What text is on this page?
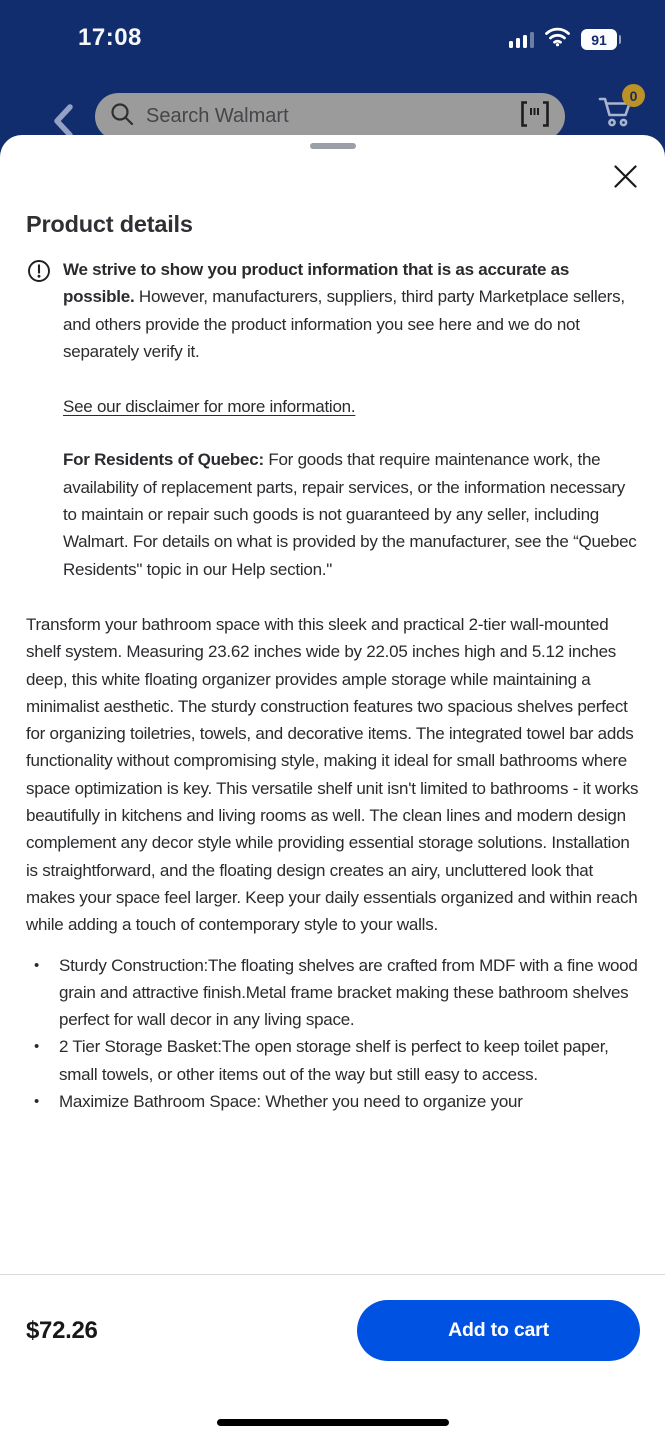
17:08	91
Search Walmart
0
Product details

We strive to show you product information that is as accurate as possible. However, manufacturers, suppliers, third party Marketplace sellers, and others provide the product information you see here and we do not separately verify it.

See our disclaimer for more information.

For Residents of Quebec: For goods that require maintenance work, the availability of replacement parts, repair services, or the information necessary to maintain or repair such goods is not guaranteed by any seller, including Walmart. For details on what is provided by the manufacturer, see the “Quebec Residents" topic in our Help section."

Transform your bathroom space with this sleek and practical 2-tier wall-mounted shelf system. Measuring 23.62 inches wide by 22.05 inches high and 5.12 inches deep, this white floating organizer provides ample storage while maintaining a minimalist aesthetic. The sturdy construction features two spacious shelves perfect for organizing toiletries, towels, and decorative items. The integrated towel bar adds functionality without compromising style, making it ideal for small bathrooms where space optimization is key. This versatile shelf unit isn't limited to bathrooms - it works beautifully in kitchens and living rooms as well. The clean lines and modern design complement any decor style while providing essential storage solutions. Installation is straightforward, and the floating design creates an airy, uncluttered look that makes your space feel larger. Keep your daily essentials organized and within reach while adding a touch of contemporary style to your walls.

• Sturdy Construction:The floating shelves are crafted from MDF with a fine wood grain and attractive finish.Metal frame bracket making these bathroom shelves perfect for wall decor in any living space.
• 2 Tier Storage Basket:The open storage shelf is perfect to keep toilet paper, small towels, or other items out of the way but still easy to access.
• Maximize Bathroom Space: Whether you need to organize your
$72.26	Add to cart
